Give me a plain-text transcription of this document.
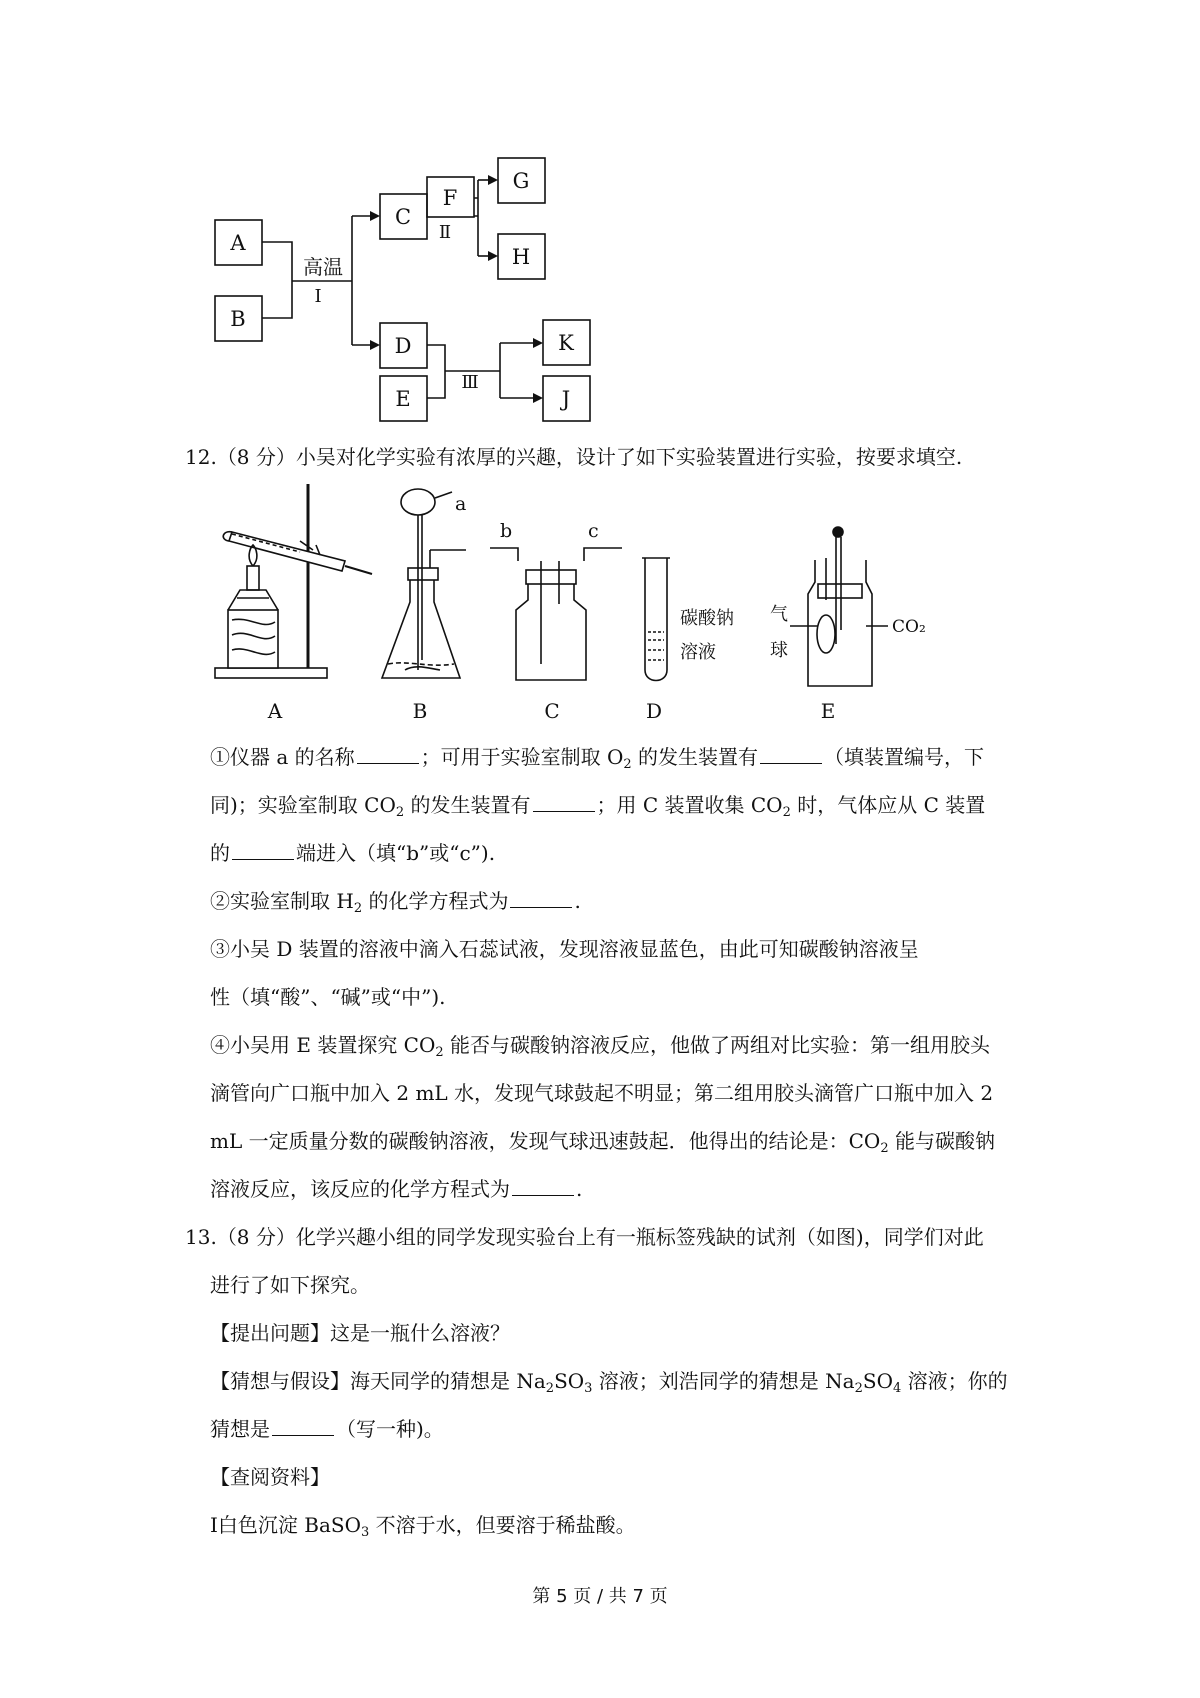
A
B
C
F
G
H
D
E
K
J
高温
Ⅰ
Ⅱ
Ⅲ
12.（8 分）小吴对化学实验有浓厚的兴趣，设计了如下实验装置进行实验，按要求填空.
a
b	c
碳酸钠
溶液
气
球
CO₂
A	B	C	D	E
①仪器 a 的名称	；可用于实验室制取 $O_2$ 的发生装置有	（填装置编号，下
同)；实验室制取 $CO_2$ 的发生装置有	；用 C 装置收集 $CO_2$ 时，气体应从 C 装置
的	端进入（填“b”或“c”).
②实验室制取 $H_2$ 的化学方程式为	.
③小吴 D 装置的溶液中滴入石蕊试液，发现溶液显蓝色，由此可知碳酸钠溶液呈
性（填“酸”、“碱”或“中”).
④小吴用 E 装置探究 $CO_2$ 能否与碳酸钠溶液反应，他做了两组对比实验：第一组用胶头
滴管向广口瓶中加入 2 mL 水，发现气球鼓起不明显；第二组用胶头滴管广口瓶中加入 2
mL 一定质量分数的碳酸钠溶液，发现气球迅速鼓起．他得出的结论是：$CO_2$ 能与碳酸钠
溶液反应，该反应的化学方程式为	.
13.（8 分）化学兴趣小组的同学发现实验台上有一瓶标签残缺的试剂（如图)，同学们对此
进行了如下探究。
【提出问题】这是一瓶什么溶液？
【猜想与假设】海天同学的猜想是 $Na_2SO_3$ 溶液；刘浩同学的猜想是 $Na_2SO_4$ 溶液；你的
猜想是	（写一种)。
【查阅资料】
Ⅰ白色沉淀 BaSO$_3$ 不溶于水，但要溶于稀盐酸。
第 5 页 / 共 7 页
